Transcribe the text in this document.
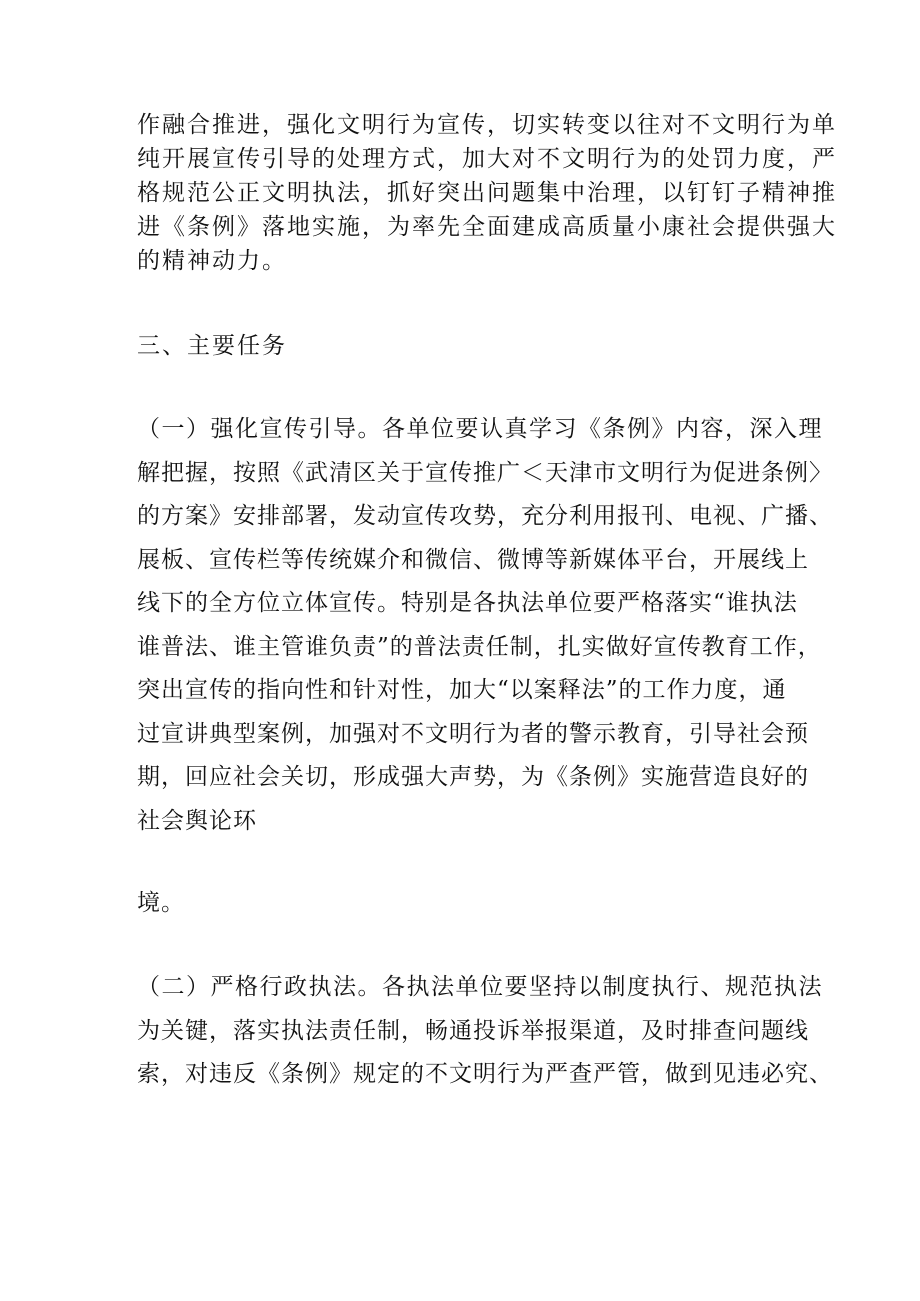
作融合推进，强化文明行为宣传，切实转变以往对不文明行为单
纯开展宣传引导的处理方式，加大对不文明行为的处罚力度，严
格规范公正文明执法，抓好突出问题集中治理，以钉钉子精神推
进《条例》落地实施，为率先全面建成高质量小康社会提供强大
的精神动力。
三、主要任务
（一）强化宣传引导。各单位要认真学习《条例》内容，深入理
解把握，按照《武清区关于宣传推广＜天津市文明行为促进条例〉
的方案》安排部署，发动宣传攻势，充分利用报刊、电视、广播、
展板、宣传栏等传统媒介和微信、微博等新媒体平台，开展线上
线下的全方位立体宣传。特别是各执法单位要严格落实“谁执法
谁普法、谁主管谁负责”的普法责任制，扎实做好宣传教育工作，
突出宣传的指向性和针对性，加大“以案释法”的工作力度，通
过宣讲典型案例，加强对不文明行为者的警示教育，引导社会预
期，回应社会关切，形成强大声势，为《条例》实施营造良好的
社会舆论环
境。
（二）严格行政执法。各执法单位要坚持以制度执行、规范执法
为关键，落实执法责任制，畅通投诉举报渠道，及时排查问题线
索，对违反《条例》规定的不文明行为严查严管，做到见违必究、
